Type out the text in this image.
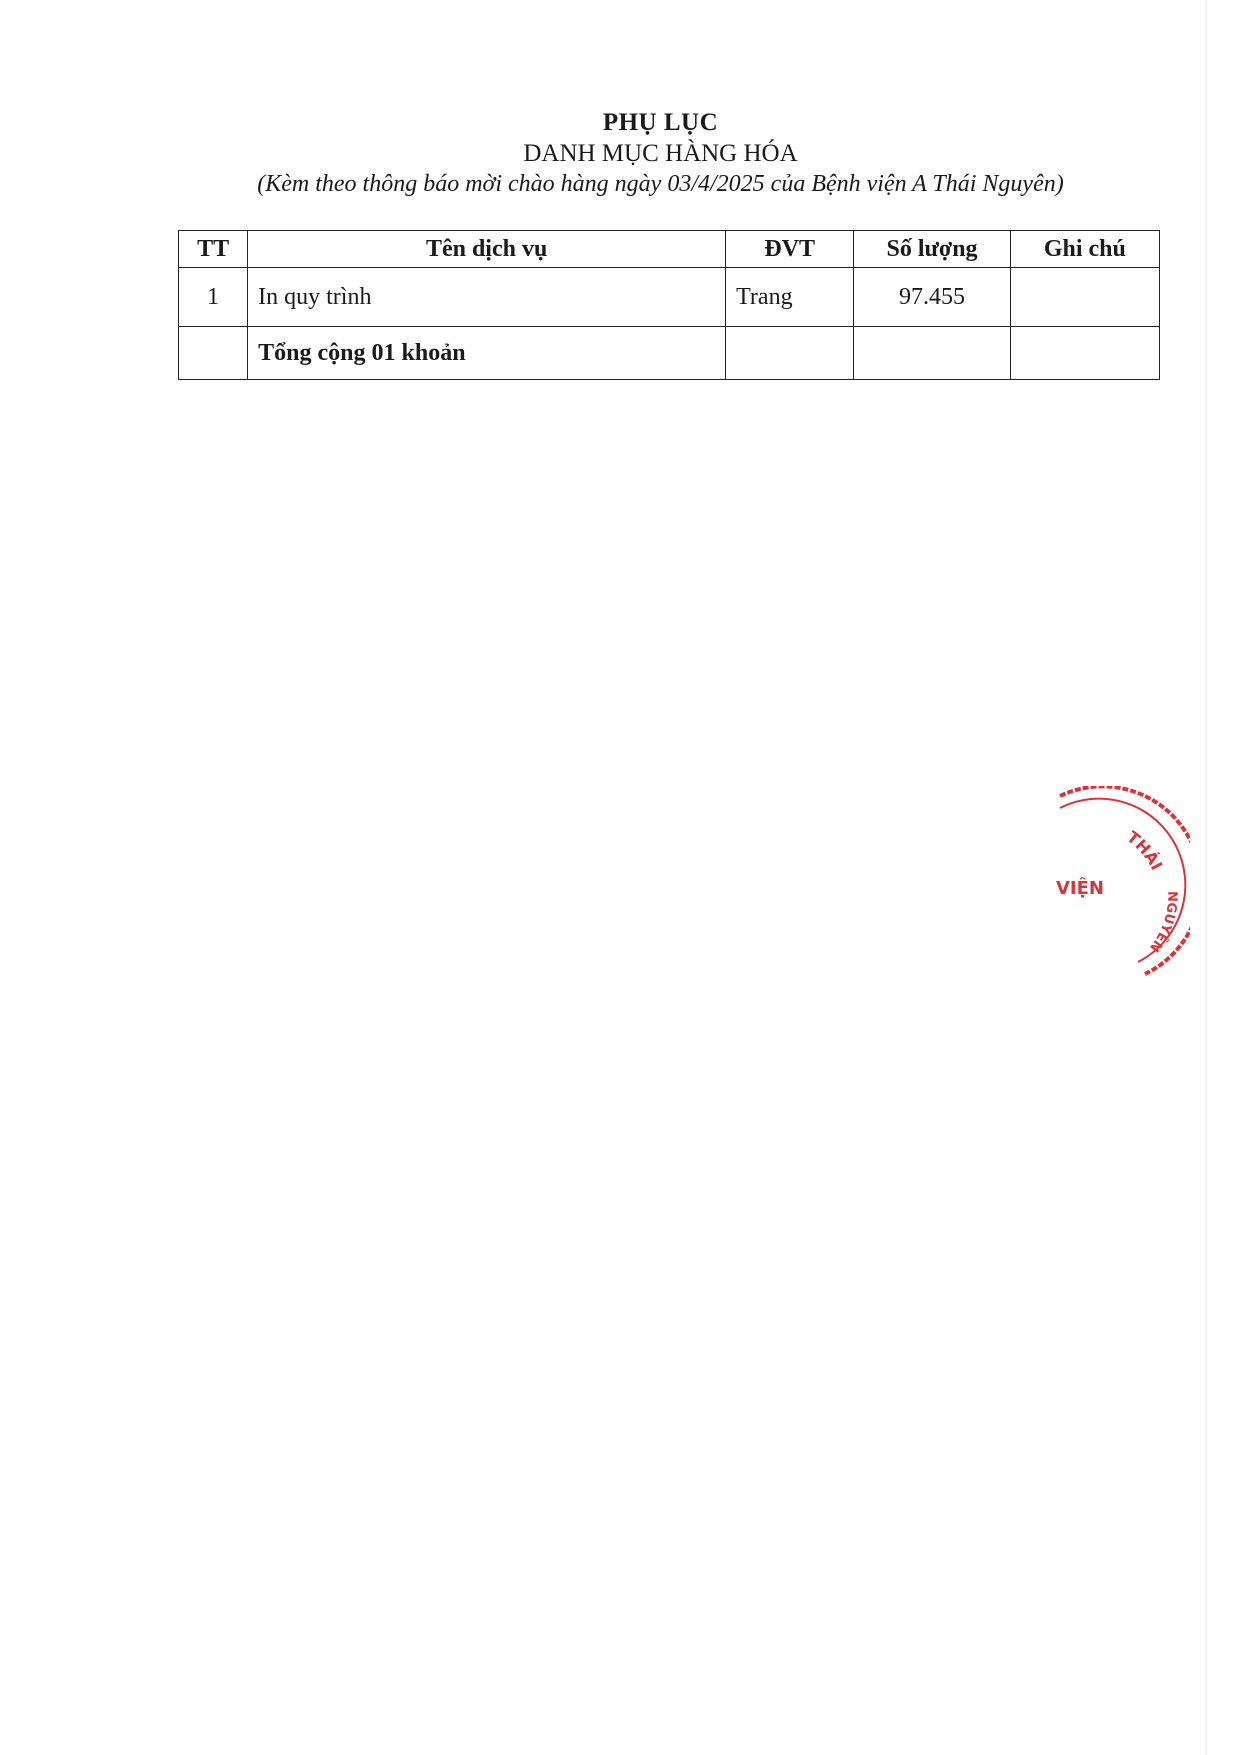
PHỤ LỤC
DANH MỤC HÀNG HÓA
(Kèm theo thông báo mời chào hàng ngày 03/4/2025 của Bệnh viện A Thái Nguyên)
TT	Tên dịch vụ	ĐVT	Số lượng	Ghi chú
1	In quy trình	Trang	97.455	
	Tổng cộng 01 khoản			
THÁI
VIỆN	NGUYÊN
